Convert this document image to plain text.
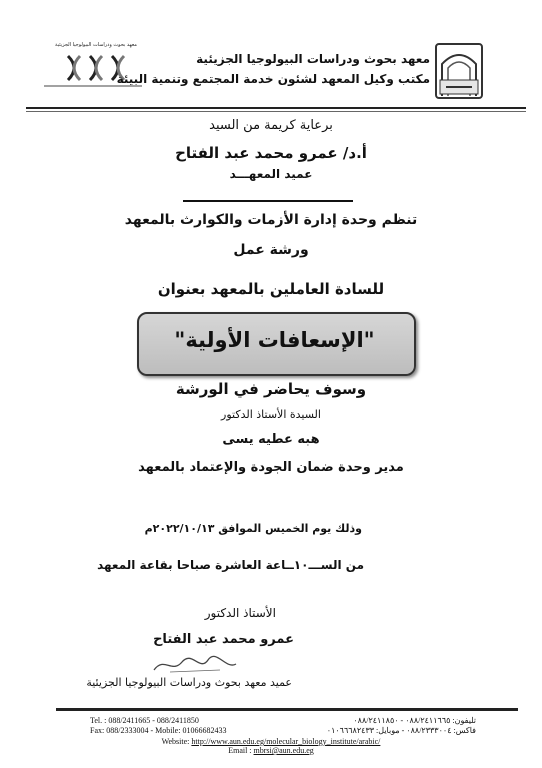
معهد بحوث ودراسات البيولوجيا الجزيئية
معهد بحوث ودراسات البيولوجيا الجزيئية
مكتب وكيل المعهد لشئون خدمة المجتمع وتنمية البيئة
برعاية كريمة من السيد
أ.د/ عمرو محمد عبد الفتاح
عميد المعهـــد
تنظم وحدة إدارة الأزمات والكوارث بالمعهد
ورشة عمل
للسادة العاملين بالمعهد بعنوان
"الإسعافات الأولية"
وسوف يحاضر في الورشة
السيدة الأستاذ الدكتور
هبه عطيه يسى
مدير وحدة ضمان الجودة والإعتماد بالمعهد
وذلك يوم الخميس الموافق ٢٠٢٢/١٠/١٣م
من الســـ١٠ــاعة العاشرة صباحا بقاعة المعهد
الأستاذ الدكتور
عمرو محمد عبد الفتاح
عميد معهد بحوث ودراسات البيولوجيا الجزيئية
Tel. : 088/2411665 - 088/2411850
Fax: 088/2333004 - Mobile: 01066682433
تليفون: ٠٨٨/٢٤١١٦٦٥ - ٠٨٨/٢٤١١٨٥٠
فاكس: ٠٨٨/٢٣٣٣٠٠٤ - موبايل: ٠١٠٦٦٦٨٢٤٣٣
Website: http://www.aun.edu.eg/molecular_biology_institute/arabic/
Email : mbrsi@aun.edu.eg
